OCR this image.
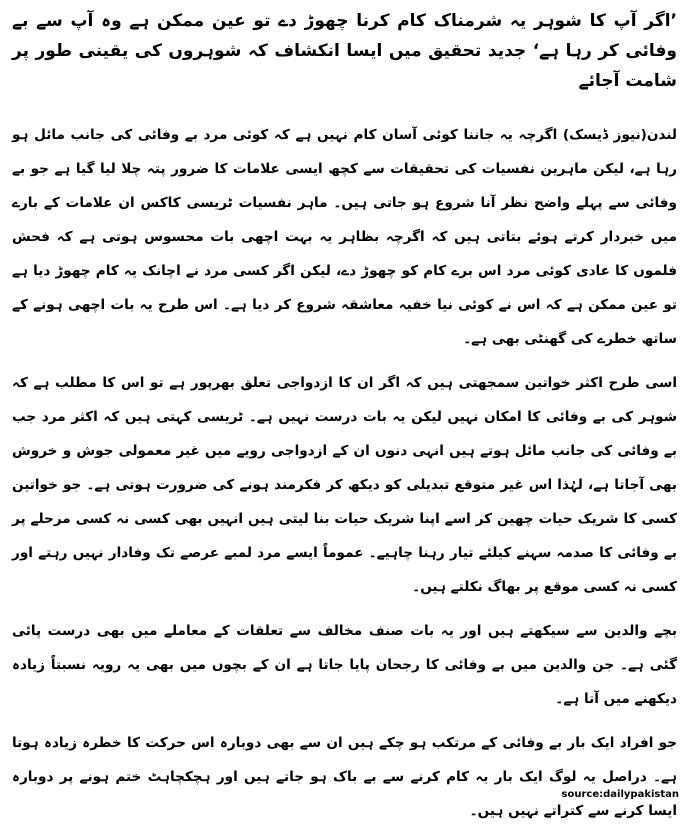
’اگر آپ کا شوہر یہ شرمناک کام کرنا چھوڑ دے تو عین ممکن ہے وہ آپ سے بے وفائی کر رہا ہے‘ جدید تحقیق میں ایسا انکشاف کہ شوہروں کی یقینی طور پر شامت آجائے
لندن(نیوز ڈیسک) اگرچہ یہ جاننا کوئی آسان کام نہیں ہے کہ کوئی مرد بے وفائی کی جانب مائل ہو رہا ہے، لیکن ماہرین نفسیات کی تحقیقات سے کچھ ایسی علامات کا ضرور پتہ چلا لیا گیا ہے جو بے وفائی سے پہلے واضح نظر آنا شروع ہو جاتی ہیں۔ ماہر نفسیات ٹریسی کاکس ان علامات کے بارے میں خبردار کرتے ہوئے بتاتی ہیں کہ اگرچہ بظاہر یہ بہت اچھی بات محسوس ہوتی ہے کہ فحش فلموں کا عادی کوئی مرد اس برے کام کو چھوڑ دے، لیکن اگر کسی مرد نے اچانک یہ کام چھوڑ دیا ہے تو عین ممکن ہے کہ اس نے کوئی نیا خفیہ معاشقہ شروع کر دیا ہے۔ اس طرح یہ بات اچھی ہونے کے ساتھ خطرے کی گھنٹی بھی ہے۔
اسی طرح اکثر خواتین سمجھتی ہیں کہ اگر ان کا ازدواجی تعلق بھرپور ہے تو اس کا مطلب ہے کہ شوہر کی بے وفائی کا امکان نہیں لیکن یہ بات درست نہیں ہے۔ ٹریسی کہتی ہیں کہ اکثر مرد جب بے وفائی کی جانب مائل ہوتے ہیں انہی دنوں ان کے ازدواجی رویے میں غیر معمولی جوش و خروش بھی آجاتا ہے، لہٰذا اس غیر متوقع تبدیلی کو دیکھ کر فکرمند ہونے کی ضرورت ہوتی ہے۔ جو خواتین کسی کا شریک حیات چھین کر اسے اپنا شریک حیات بنا لیتی ہیں انہیں بھی کسی نہ کسی مرحلے پر بے وفائی کا صدمہ سہنے کیلئے تیار رہنا چاہیے۔ عموماً ایسے مرد لمبے عرصے تک وفادار نہیں رہتے اور کسی نہ کسی موقع پر بھاگ نکلتے ہیں۔
بچے والدین سے سیکھتے ہیں اور یہ بات صنف مخالف سے تعلقات کے معاملے میں بھی درست پائی گئی ہے۔ جن والدین میں بے وفائی کا رجحان پایا جاتا ہے ان کے بچوں میں بھی یہ رویہ نسبتاً زیادہ دیکھنے میں آتا ہے۔
جو افراد ایک بار بے وفائی کے مرتکب ہو چکے ہیں ان سے بھی دوبارہ اس حرکت کا خطرہ زیادہ ہوتا ہے۔ دراصل یہ لوگ ایک بار یہ کام کرنے سے بے باک ہو جاتے ہیں اور ہچکچاہٹ ختم ہونے پر دوبارہ ایسا کرنے سے کتراتے نہیں ہیں۔
source:dailypakistan
